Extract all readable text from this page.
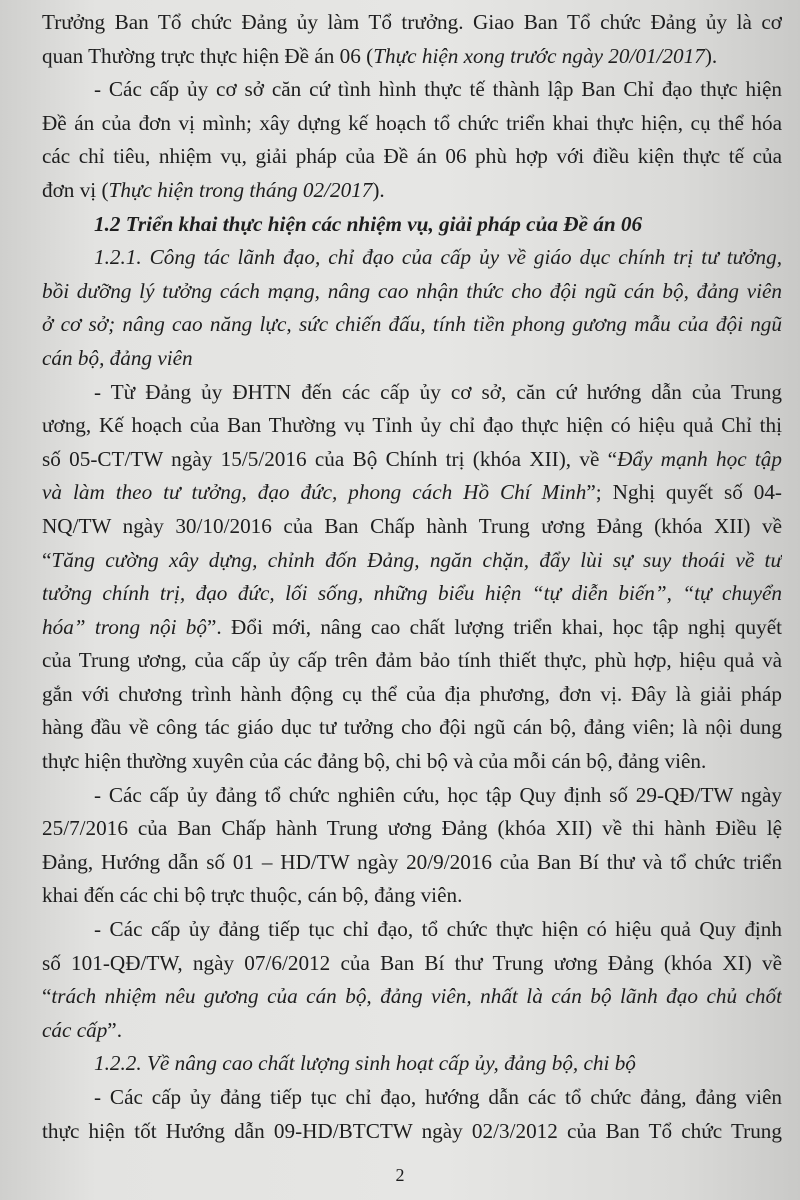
Trưởng Ban Tổ chức Đảng ủy làm Tổ trưởng. Giao Ban Tổ chức Đảng ủy là cơ
quan Thường trực thực hiện Đề án 06 (Thực hiện xong trước ngày 20/01/2017).
- Các cấp ủy cơ sở căn cứ tình hình thực tế thành lập Ban Chỉ đạo thực hiện
Đề án của đơn vị mình; xây dựng kế hoạch tổ chức triển khai thực hiện, cụ thể hóa
các chỉ tiêu, nhiệm vụ, giải pháp của Đề án 06 phù hợp với điều kiện thực tế của
đơn vị (Thực hiện trong tháng 02/2017).
1.2 Triển khai thực hiện các nhiệm vụ, giải pháp của Đề án 06
1.2.1. Công tác lãnh đạo, chỉ đạo của cấp ủy về giáo dục chính trị tư tưởng,
bồi dưỡng lý tưởng cách mạng, nâng cao nhận thức cho đội ngũ cán bộ, đảng viên
ở cơ sở; nâng cao năng lực, sức chiến đấu, tính tiền phong gương mẫu của đội ngũ
cán bộ, đảng viên
- Từ Đảng ủy ĐHTN đến các cấp ủy cơ sở, căn cứ hướng dẫn của Trung
ương, Kế hoạch của Ban Thường vụ Tỉnh ủy chỉ đạo thực hiện có hiệu quả Chỉ thị
số 05-CT/TW ngày 15/5/2016 của Bộ Chính trị (khóa XII), về “Đẩy mạnh học tập
và làm theo tư tưởng, đạo đức, phong cách Hồ Chí Minh”; Nghị quyết số 04-
NQ/TW ngày 30/10/2016 của Ban Chấp hành Trung ương Đảng (khóa XII) về
“Tăng cường xây dựng, chỉnh đốn Đảng, ngăn chặn, đẩy lùi sự suy thoái về tư
tưởng chính trị, đạo đức, lối sống, những biểu hiện “tự diễn biến”, “tự chuyển
hóa” trong nội bộ”. Đổi mới, nâng cao chất lượng triển khai, học tập nghị quyết
của Trung ương, của cấp ủy cấp trên đảm bảo tính thiết thực, phù hợp, hiệu quả và
gắn với chương trình hành động cụ thể của địa phương, đơn vị. Đây là giải pháp
hàng đầu về công tác giáo dục tư tưởng cho đội ngũ cán bộ, đảng viên; là nội dung
thực hiện thường xuyên của các đảng bộ, chi bộ và của mỗi cán bộ, đảng viên.
- Các cấp ủy đảng tổ chức nghiên cứu, học tập Quy định số 29-QĐ/TW ngày
25/7/2016 của Ban Chấp hành Trung ương Đảng (khóa XII) về thi hành Điều lệ
Đảng, Hướng dẫn số 01 – HD/TW ngày 20/9/2016 của Ban Bí thư và tổ chức triển
khai đến các chi bộ trực thuộc, cán bộ, đảng viên.
- Các cấp ủy đảng tiếp tục chỉ đạo, tổ chức thực hiện có hiệu quả Quy định
số 101-QĐ/TW, ngày 07/6/2012 của Ban Bí thư Trung ương Đảng (khóa XI) về
“trách nhiệm nêu gương của cán bộ, đảng viên, nhất là cán bộ lãnh đạo chủ chốt
các cấp”.
1.2.2. Về nâng cao chất lượng sinh hoạt cấp ủy, đảng bộ, chi bộ
- Các cấp ủy đảng tiếp tục chỉ đạo, hướng dẫn các tổ chức đảng, đảng viên
thực hiện tốt Hướng dẫn 09-HD/BTCTW ngày 02/3/2012 của Ban Tổ chức Trung
2
